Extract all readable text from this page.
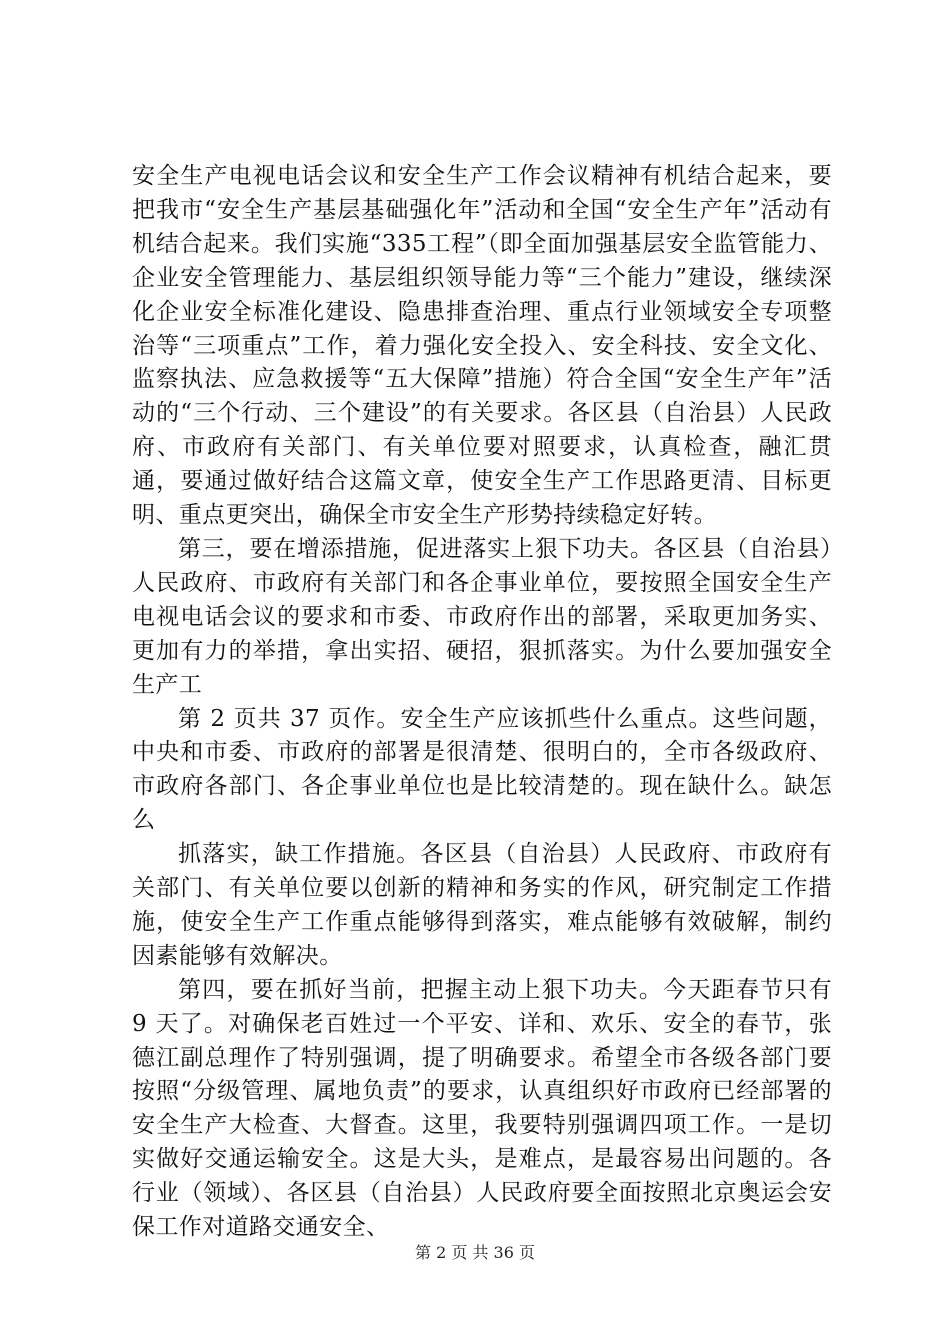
安全生产电视电话会议和安全生产工作会议精神有机结合起来，要把我市“安全生产基层基础强化年”活动和全国“安全生产年”活动有机结合起来。我们实施“335工程”（即全面加强基层安全监管能力、企业安全管理能力、基层组织领导能力等“三个能力”建设，继续深化企业安全标准化建设、隐患排查治理、重点行业领域安全专项整治等“三项重点”工作，着力强化安全投入、安全科技、安全文化、监察执法、应急救援等“五大保障”措施）符合全国“安全生产年”活动的“三个行动、三个建设”的有关要求。各区县（自治县）人民政府、市政府有关部门、有关单位要对照要求，认真检查，融汇贯通，要通过做好结合这篇文章，使安全生产工作思路更清、目标更明、重点更突出，确保全市安全生产形势持续稳定好转。

第三，要在增添措施，促进落实上狠下功夫。各区县（自治县）人民政府、市政府有关部门和各企事业单位，要按照全国安全生产电视电话会议的要求和市委、市政府作出的部署，采取更加务实、更加有力的举措，拿出实招、硬招，狠抓落实。为什么要加强安全生产工

第 2 页共 37 页作。安全生产应该抓些什么重点。这些问题，中央和市委、市政府的部署是很清楚、很明白的，全市各级政府、市政府各部门、各企事业单位也是比较清楚的。现在缺什么。缺怎么

抓落实，缺工作措施。各区县（自治县）人民政府、市政府有关部门、有关单位要以创新的精神和务实的作风，研究制定工作措施，使安全生产工作重点能够得到落实，难点能够有效破解，制约因素能够有效解决。

第四，要在抓好当前，把握主动上狠下功夫。今天距春节只有 9 天了。对确保老百姓过一个平安、详和、欢乐、安全的春节，张德江副总理作了特别强调，提了明确要求。希望全市各级各部门要按照“分级管理、属地负责”的要求，认真组织好市政府已经部署的安全生产大检查、大督查。这里，我要特别强调四项工作。一是切实做好交通运输安全。这是大头，是难点，是最容易出问题的。各行业（领域）、各区县（自治县）人民政府要全面按照北京奥运会安保工作对道路交通安全、

第 2 页 共 36 页
